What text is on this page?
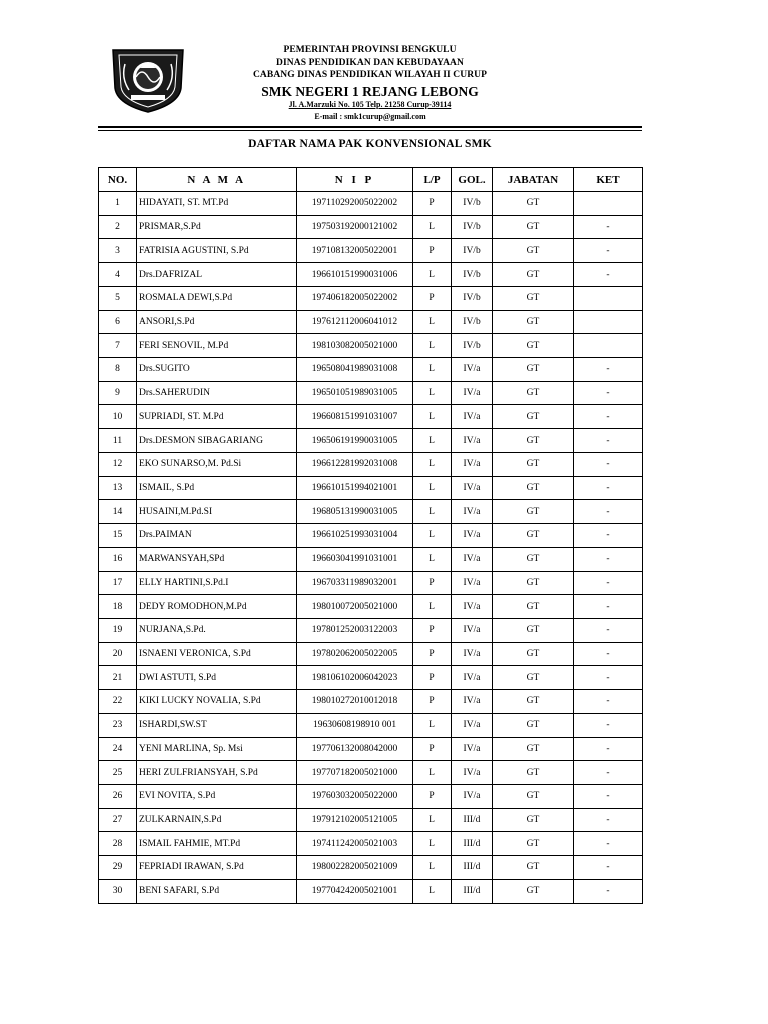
PEMERINTAH PROVINSI BENGKULU
DINAS PENDIDIKAN DAN KEBUDAYAAN
CABANG DINAS PENDIDIKAN WILAYAH II CURUP
SMK NEGERI 1 REJANG LEBONG
Jl. A.Marzuki No. 105 Telp. 21258 Curup-39114
E-mail : smk1curup@gmail.com
DAFTAR NAMA PAK KONVENSIONAL SMK
NO.	N A M A	N I P	L/P	GOL.	JABATAN	KET
1	HIDAYATI, ST. MT.Pd	197110292005022002	P	IV/b	GT	
2	PRISMAR,S.Pd	197503192000121002	L	IV/b	GT	-
3	FATRISIA AGUSTINI, S.Pd	197108132005022001	P	IV/b	GT	-
4	Drs.DAFRIZAL	196610151990031006	L	IV/b	GT	-
5	ROSMALA DEWI,S.Pd	197406182005022002	P	IV/b	GT	
6	ANSORI,S.Pd	197612112006041012	L	IV/b	GT	
7	FERI SENOVIL, M.Pd	198103082005021000	L	IV/b	GT	
8	Drs.SUGITO	196508041989031008	L	IV/a	GT	-
9	Drs.SAHERUDIN	196501051989031005	L	IV/a	GT	-
10	SUPRIADI, ST. M.Pd	196608151991031007	L	IV/a	GT	-
11	Drs.DESMON SIBAGARIANG	196506191990031005	L	IV/a	GT	-
12	EKO SUNARSO,M. Pd.Si	196612281992031008	L	IV/a	GT	-
13	ISMAIL, S.Pd	196610151994021001	L	IV/a	GT	-
14	HUSAINI,M.Pd.SI	196805131990031005	L	IV/a	GT	-
15	Drs.PAIMAN	196610251993031004	L	IV/a	GT	-
16	MARWANSYAH,SPd	196603041991031001	L	IV/a	GT	-
17	ELLY HARTINI,S.Pd.I	196703311989032001	P	IV/a	GT	-
18	DEDY ROMODHON,M.Pd	198010072005021000	L	IV/a	GT	-
19	NURJANA,S.Pd.	197801252003122003	P	IV/a	GT	-
20	ISNAENI VERONICA, S.Pd	197802062005022005	P	IV/a	GT	-
21	DWI ASTUTI, S.Pd	198106102006042023	P	IV/a	GT	-
22	KIKI LUCKY NOVALIA, S.Pd	198010272010012018	P	IV/a	GT	-
23	ISHARDI,SW.ST	19630608198910 001	L	IV/a	GT	-
24	YENI MARLINA, Sp. Msi	197706132008042000	P	IV/a	GT	-
25	HERI ZULFRIANSYAH, S.Pd	197707182005021000	L	IV/a	GT	-
26	EVI NOVITA, S.Pd	197603032005022000	P	IV/a	GT	-
27	ZULKARNAIN,S.Pd	197912102005121005	L	III/d	GT	-
28	ISMAIL FAHMIE, MT.Pd	197411242005021003	L	III/d	GT	-
29	FEPRIADI IRAWAN, S.Pd	198002282005021009	L	III/d	GT	-
30	BENI SAFARI, S.Pd	197704242005021001	L	III/d	GT	-
